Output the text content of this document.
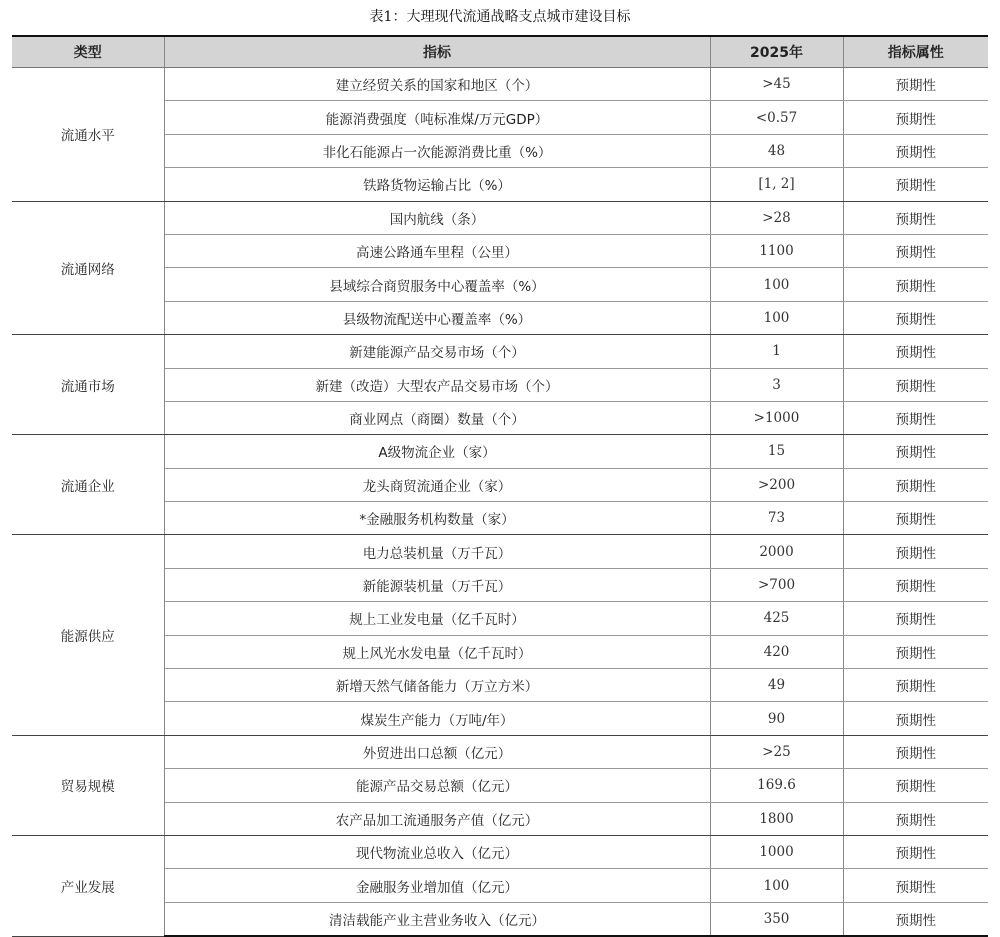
表1：大理现代流通战略支点城市建设目标
类型	指标	2025年	指标属性
流通水平	建立经贸关系的国家和地区（个）	>45	预期性
	能源消费强度（吨标准煤/万元GDP）	<0.57	预期性
	非化石能源占一次能源消费比重（%）	48	预期性
	铁路货物运输占比（%）	[1, 2]	预期性
流通网络	国内航线（条）	>28	预期性
	高速公路通车里程（公里）	1100	预期性
	县域综合商贸服务中心覆盖率（%）	100	预期性
	县级物流配送中心覆盖率（%）	100	预期性
流通市场	新建能源产品交易市场（个）	1	预期性
	新建（改造）大型农产品交易市场（个）	3	预期性
	商业网点（商圈）数量（个）	>1000	预期性
流通企业	A级物流企业（家）	15	预期性
	龙头商贸流通企业（家）	>200	预期性
	*金融服务机构数量（家）	73	预期性
能源供应	电力总装机量（万千瓦）	2000	预期性
	新能源装机量（万千瓦）	>700	预期性
	规上工业发电量（亿千瓦时）	425	预期性
	规上风光水发电量（亿千瓦时）	420	预期性
	新增天然气储备能力（万立方米）	49	预期性
	煤炭生产能力（万吨/年）	90	预期性
贸易规模	外贸进出口总额（亿元）	>25	预期性
	能源产品交易总额（亿元）	169.6	预期性
	农产品加工流通服务产值（亿元）	1800	预期性
产业发展	现代物流业总收入（亿元）	1000	预期性
	金融服务业增加值（亿元）	100	预期性
	清洁载能产业主营业务收入（亿元）	350	预期性
